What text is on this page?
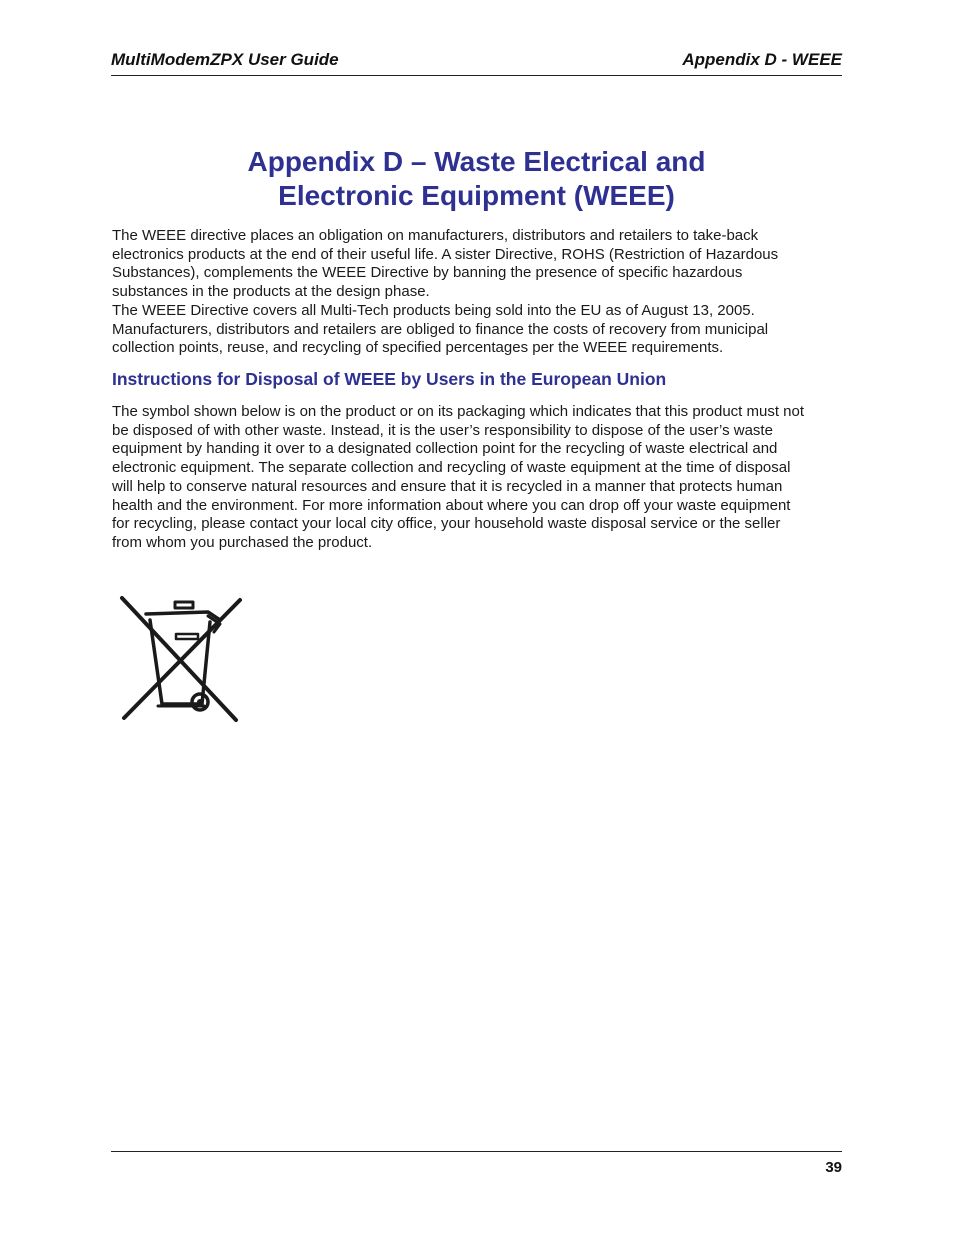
MultiModemZPX User Guide	Appendix D - WEEE
Appendix D – Waste Electrical and
Electronic Equipment (WEEE)
The WEEE directive places an obligation on manufacturers, distributors and retailers to take-back
electronics products at the end of their useful life. A sister Directive, ROHS (Restriction of Hazardous
Substances), complements the WEEE Directive by banning the presence of specific hazardous
substances in the products at the design phase.
The WEEE Directive covers all Multi-Tech products being sold into the EU as of August 13, 2005.
Manufacturers, distributors and retailers are obliged to finance the costs of recovery from municipal
collection points, reuse, and recycling of specified percentages per the WEEE requirements.
Instructions for Disposal of WEEE by Users in the European Union
The symbol shown below is on the product or on its packaging which indicates that this product must not
be disposed of with other waste. Instead, it is the user’s responsibility to dispose of the user’s waste
equipment by handing it over to a designated collection point for the recycling of waste electrical and
electronic equipment. The separate collection and recycling of waste equipment at the time of disposal
will help to conserve natural resources and ensure that it is recycled in a manner that protects human
health and the environment. For more information about where you can drop off your waste equipment
for recycling, please contact your local city office, your household waste disposal service or the seller
from whom you purchased the product.
39
